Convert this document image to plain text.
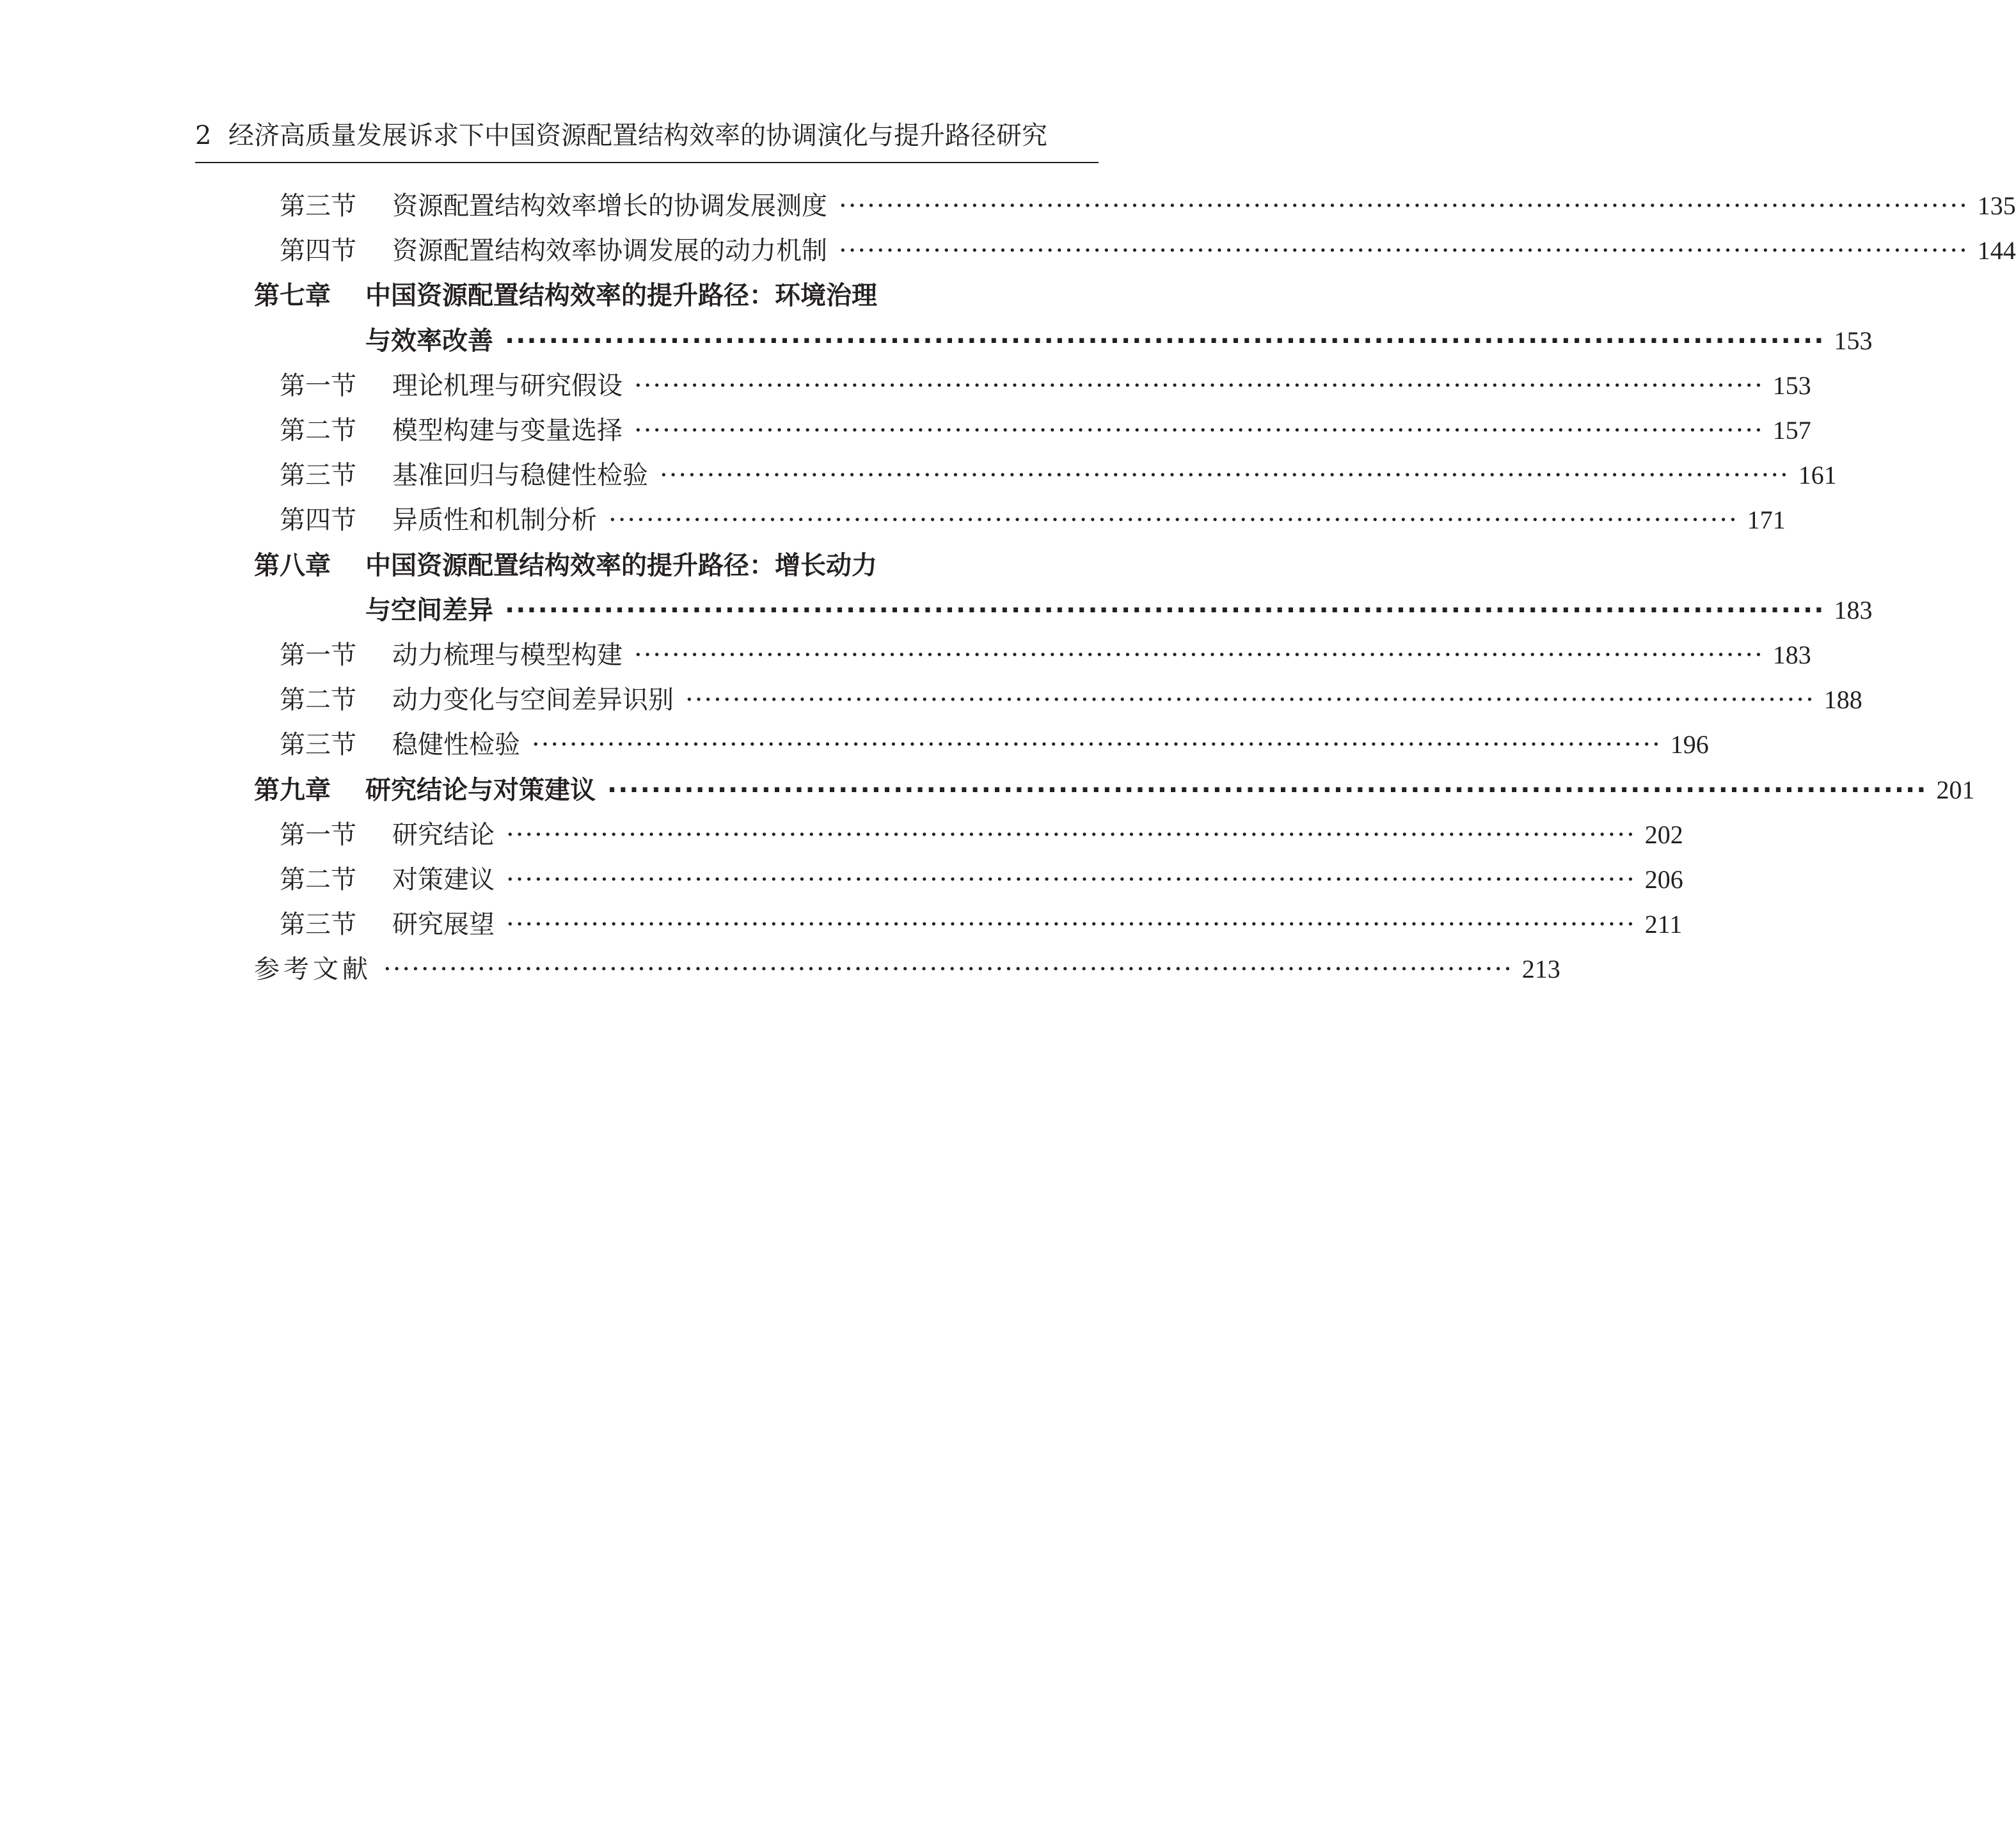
2 经济高质量发展诉求下中国资源配置结构效率的协调演化与提升路径研究
第三节	资源配置结构效率增长的协调发展测度 ························································································································ 135
第四节	资源配置结构效率协调发展的动力机制 ························································································································ 144
第七章	中国资源配置结构效率的提升路径：环境治理
与效率改善 ························································································································ 153
第一节	理论机理与研究假设 ························································································································ 153
第二节	模型构建与变量选择 ························································································································ 157
第三节	基准回归与稳健性检验 ························································································································ 161
第四节	异质性和机制分析 ························································································································ 171
第八章	中国资源配置结构效率的提升路径：增长动力
与空间差异 ························································································································ 183
第一节	动力梳理与模型构建 ························································································································ 183
第二节	动力变化与空间差异识别 ························································································································ 188
第三节	稳健性检验 ························································································································ 196
第九章	研究结论与对策建议 ························································································································ 201
第一节	研究结论 ························································································································ 202
第二节	对策建议 ························································································································ 206
第三节	研究展望 ························································································································ 211
参考文献 ························································································································ 213
